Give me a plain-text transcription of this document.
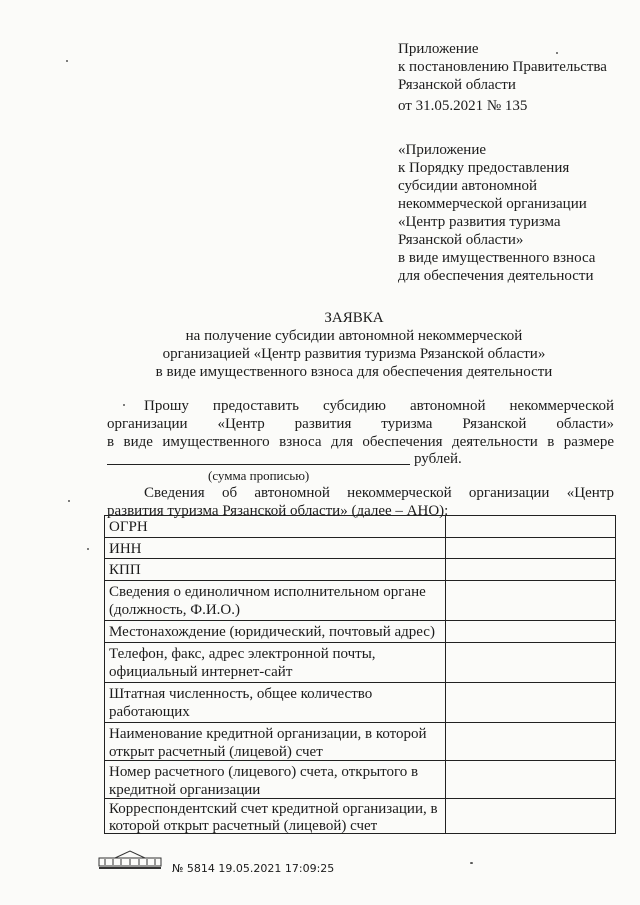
Приложение
к постановлению Правительства
Рязанской области
от 31.05.2021 № 135
«Приложение
к Порядку предоставления
субсидии автономной
некоммерческой организации
«Центр развития туризма
Рязанской области»
в виде имущественного взноса
для обеспечения деятельности
ЗАЯВКА
на получение субсидии автономной некоммерческой
организацией «Центр развития туризма Рязанской области»
в виде имущественного взноса для обеспечения деятельности
Прошу предоставить субсидию автономной некоммерческой
организации «Центр развития туризма Рязанской области»
в виде имущественного взноса для обеспечения деятельности в размере
рублей.
(сумма прописью)
Сведения об автономной некоммерческой организации «Центр
развития туризма Рязанской области» (далее – АНО):
ОГРН
ИНН
КПП
Сведения о единоличном исполнительном органе
(должность, Ф.И.О.)
Местонахождение (юридический, почтовый адрес)
Телефон, факс, адрес электронной почты,
официальный интернет-сайт
Штатная численность, общее количество
работающих
Наименование кредитной организации, в которой
открыт расчетный (лицевой) счет
Номер расчетного (лицевого) счета, открытого в
кредитной организации
Корреспондентский счет кредитной организации, в
которой открыт расчетный (лицевой) счет
№ 5814 19.05.2021 17:09:25
